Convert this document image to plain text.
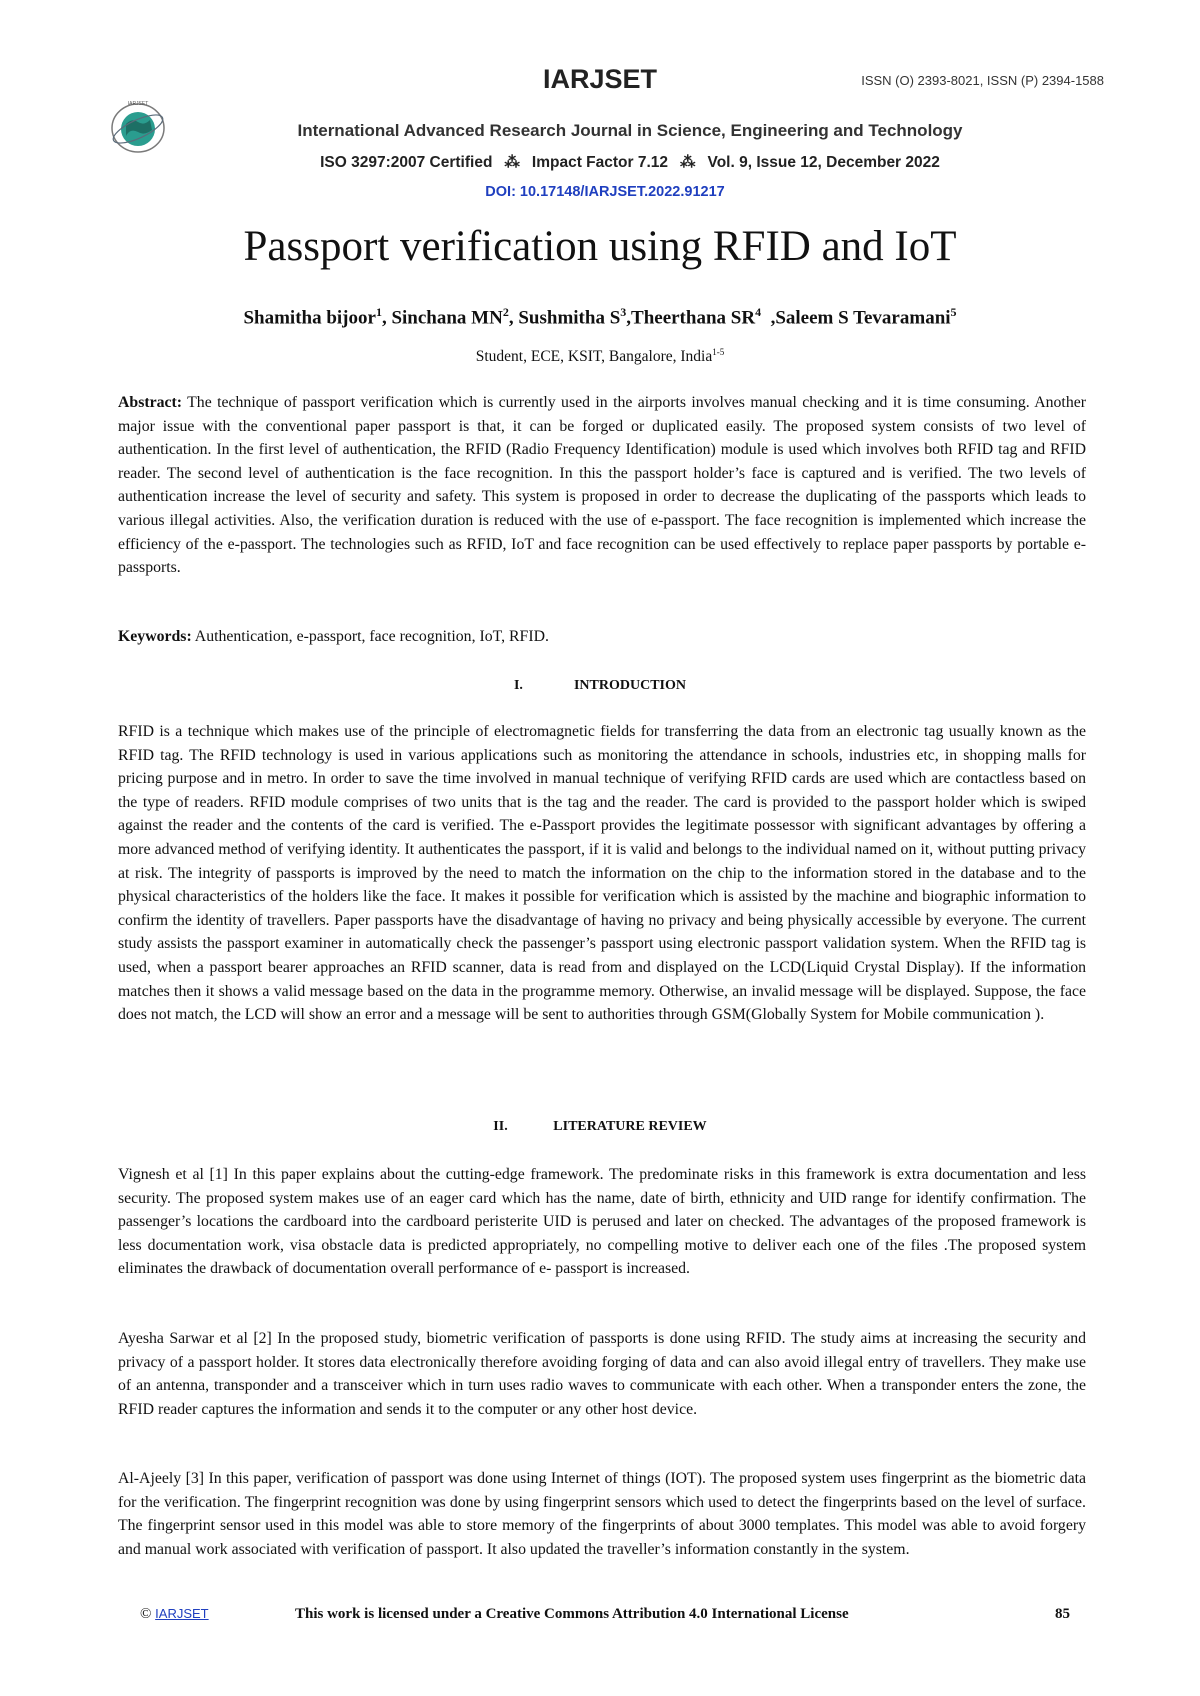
IARJSET
IARJSET	ISSN (O) 2393-8021, ISSN (P) 2394-1588
International Advanced Research Journal in Science, Engineering and Technology
ISO 3297:2007 Certified ⁂ Impact Factor 7.12 ⁂ Vol. 9, Issue 12, December 2022
DOI: 10.17148/IARJSET.2022.91217
Passport verification using RFID and IoT
Shamitha bijoor$^1$, Sinchana $MN^2$, Sushmitha $S^3,Theerthana$ $SR^4$  ,Saleem S Tevaramani$^5$
Student, ECE, KSIT, Bangalore, India$^{1-5}$

Abstract: The technique of passport verification which is currently used in the airports involves manual checking and it is time consuming. Another major issue with the conventional paper passport is that, it can be forged or duplicated easily. The proposed system consists of two level of authentication. In the first level of authentication, the RFID (Radio Frequency Identification) module is used which involves both RFID tag and RFID reader. The second level of authentication is the face recognition. In this the passport holder’s face is captured and is verified. The two levels of authentication increase the level of security and safety. This system is proposed in order to decrease the duplicating of the passports which leads to various illegal activities. Also, the verification duration is reduced with the use of e-passport. The face recognition is implemented which increase the efficiency of the e-passport. The technologies such as RFID, IoT and face recognition can be used effectively to replace paper passports by portable e-passports.

Keywords: Authentication, e-passport, face recognition, IoT, RFID.

I.	INTRODUCTION

RFID is a technique which makes use of the principle of electromagnetic fields for transferring the data from an electronic tag usually known as the RFID tag. The RFID technology is used in various applications such as monitoring the attendance in schools, industries etc, in shopping malls for pricing purpose and in metro. In order to save the time involved in manual technique of verifying RFID cards are used which are contactless based on the type of readers. RFID module comprises of two units that is the tag and the reader. The card is provided to the passport holder which is swiped against the reader and the contents of the card is verified. The e-Passport provides the legitimate possessor with significant advantages by offering a more advanced method of verifying identity. It authenticates the passport, if it is valid and belongs to the individual named on it, without putting privacy at risk. The integrity of passports is improved by the need to match the information on the chip to the information stored in the database and to the physical characteristics of the holders like the face. It makes it possible for verification which is assisted by the machine and biographic information to confirm the identity of travellers. Paper passports have the disadvantage of having no privacy and being physically accessible by everyone. The current study assists the passport examiner in automatically check the passenger’s passport using electronic passport validation system. When the RFID tag is used, when a passport bearer approaches an RFID scanner, data is read from and displayed on the LCD(Liquid Crystal Display). If the information matches then it shows a valid message based on the data in the programme memory. Otherwise, an invalid message will be displayed. Suppose, the face does not match, the LCD will show an error and a message will be sent to authorities through GSM(Globally System for Mobile communication ).

II.	LITERATURE REVIEW

Vignesh et al [1] In this paper explains about the cutting-edge framework. The predominate risks in this framework is extra documentation and less security. The proposed system makes use of an eager card which has the name, date of birth, ethnicity and UID range for identify confirmation. The passenger’s locations the cardboard into the cardboard peristerite UID is perused and later on checked. The advantages of the proposed framework is less documentation work, visa obstacle data is predicted appropriately, no compelling motive to deliver each one of the files .The proposed system eliminates the drawback of documentation overall performance of e- passport is increased.

Ayesha Sarwar et al [2] In the proposed study, biometric verification of passports is done using RFID. The study aims at increasing the security and privacy of a passport holder. It stores data electronically therefore avoiding forging of data and can also avoid illegal entry of travellers. They make use of an antenna, transponder and a transceiver which in turn uses radio waves to communicate with each other. When a transponder enters the zone, the RFID reader captures the information and sends it to the computer or any other host device.

Al-Ajeely [3] In this paper, verification of passport was done using Internet of things (IOT). The proposed system uses fingerprint as the biometric data for the verification. The fingerprint recognition was done by using fingerprint sensors which used to detect the fingerprints based on the level of surface. The fingerprint sensor used in this model was able to store memory of the fingerprints of about 3000 templates. This model was able to avoid forgery and manual work associated with verification of passport. It also updated the traveller’s information constantly in the system.

© IARJSET	This work is licensed under a Creative Commons Attribution 4.0 International License	85
